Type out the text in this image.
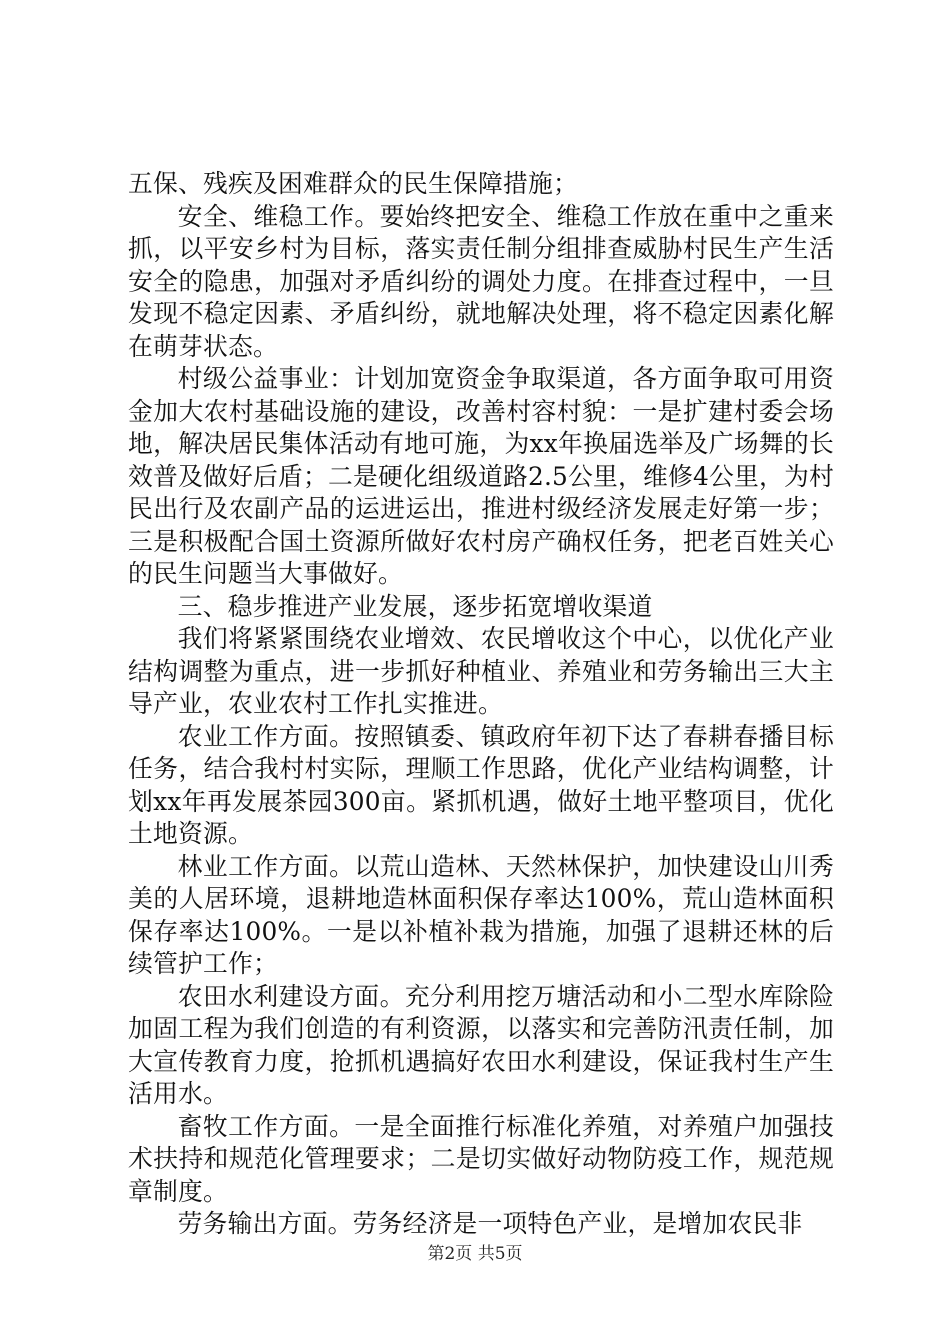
五保、残疾及困难群众的民生保障措施；

安全、维稳工作。要始终把安全、维稳工作放在重中之重来抓，以平安乡村为目标，落实责任制分组排查威胁村民生产生活安全的隐患，加强对矛盾纠纷的调处力度。在排查过程中，一旦发现不稳定因素、矛盾纠纷，就地解决处理，将不稳定因素化解在萌芽状态。

村级公益事业：计划加宽资金争取渠道，各方面争取可用资金加大农村基础设施的建设，改善村容村貌：一是扩建村委会场地，解决居民集体活动有地可施，为xx年换届选举及广场舞的长效普及做好后盾；二是硬化组级道路2.5公里，维修4公里，为村民出行及农副产品的运进运出，推进村级经济发展走好第一步；三是积极配合国土资源所做好农村房产确权任务，把老百姓关心的民生问题当大事做好。

三、稳步推进产业发展，逐步拓宽增收渠道

我们将紧紧围绕农业增效、农民增收这个中心，以优化产业结构调整为重点，进一步抓好种植业、养殖业和劳务输出三大主导产业，农业农村工作扎实推进。

农业工作方面。按照镇委、镇政府年初下达了春耕春播目标任务，结合我村村实际，理顺工作思路，优化产业结构调整，计划xx年再发展茶园300亩。紧抓机遇，做好土地平整项目，优化土地资源。

林业工作方面。以荒山造林、天然林保护，加快建设山川秀美的人居环境，退耕地造林面积保存率达100%，荒山造林面积保存率达100%。一是以补植补栽为措施，加强了退耕还林的后续管护工作；

农田水利建设方面。充分利用挖万塘活动和小二型水库除险加固工程为我们创造的有利资源，以落实和完善防汛责任制，加大宣传教育力度，抢抓机遇搞好农田水利建设，保证我村生产生活用水。

畜牧工作方面。一是全面推行标准化养殖，对养殖户加强技术扶持和规范化管理要求；二是切实做好动物防疫工作，规范规章制度。

劳务输出方面。劳务经济是一项特色产业，是增加农民非

第2页 共5页
